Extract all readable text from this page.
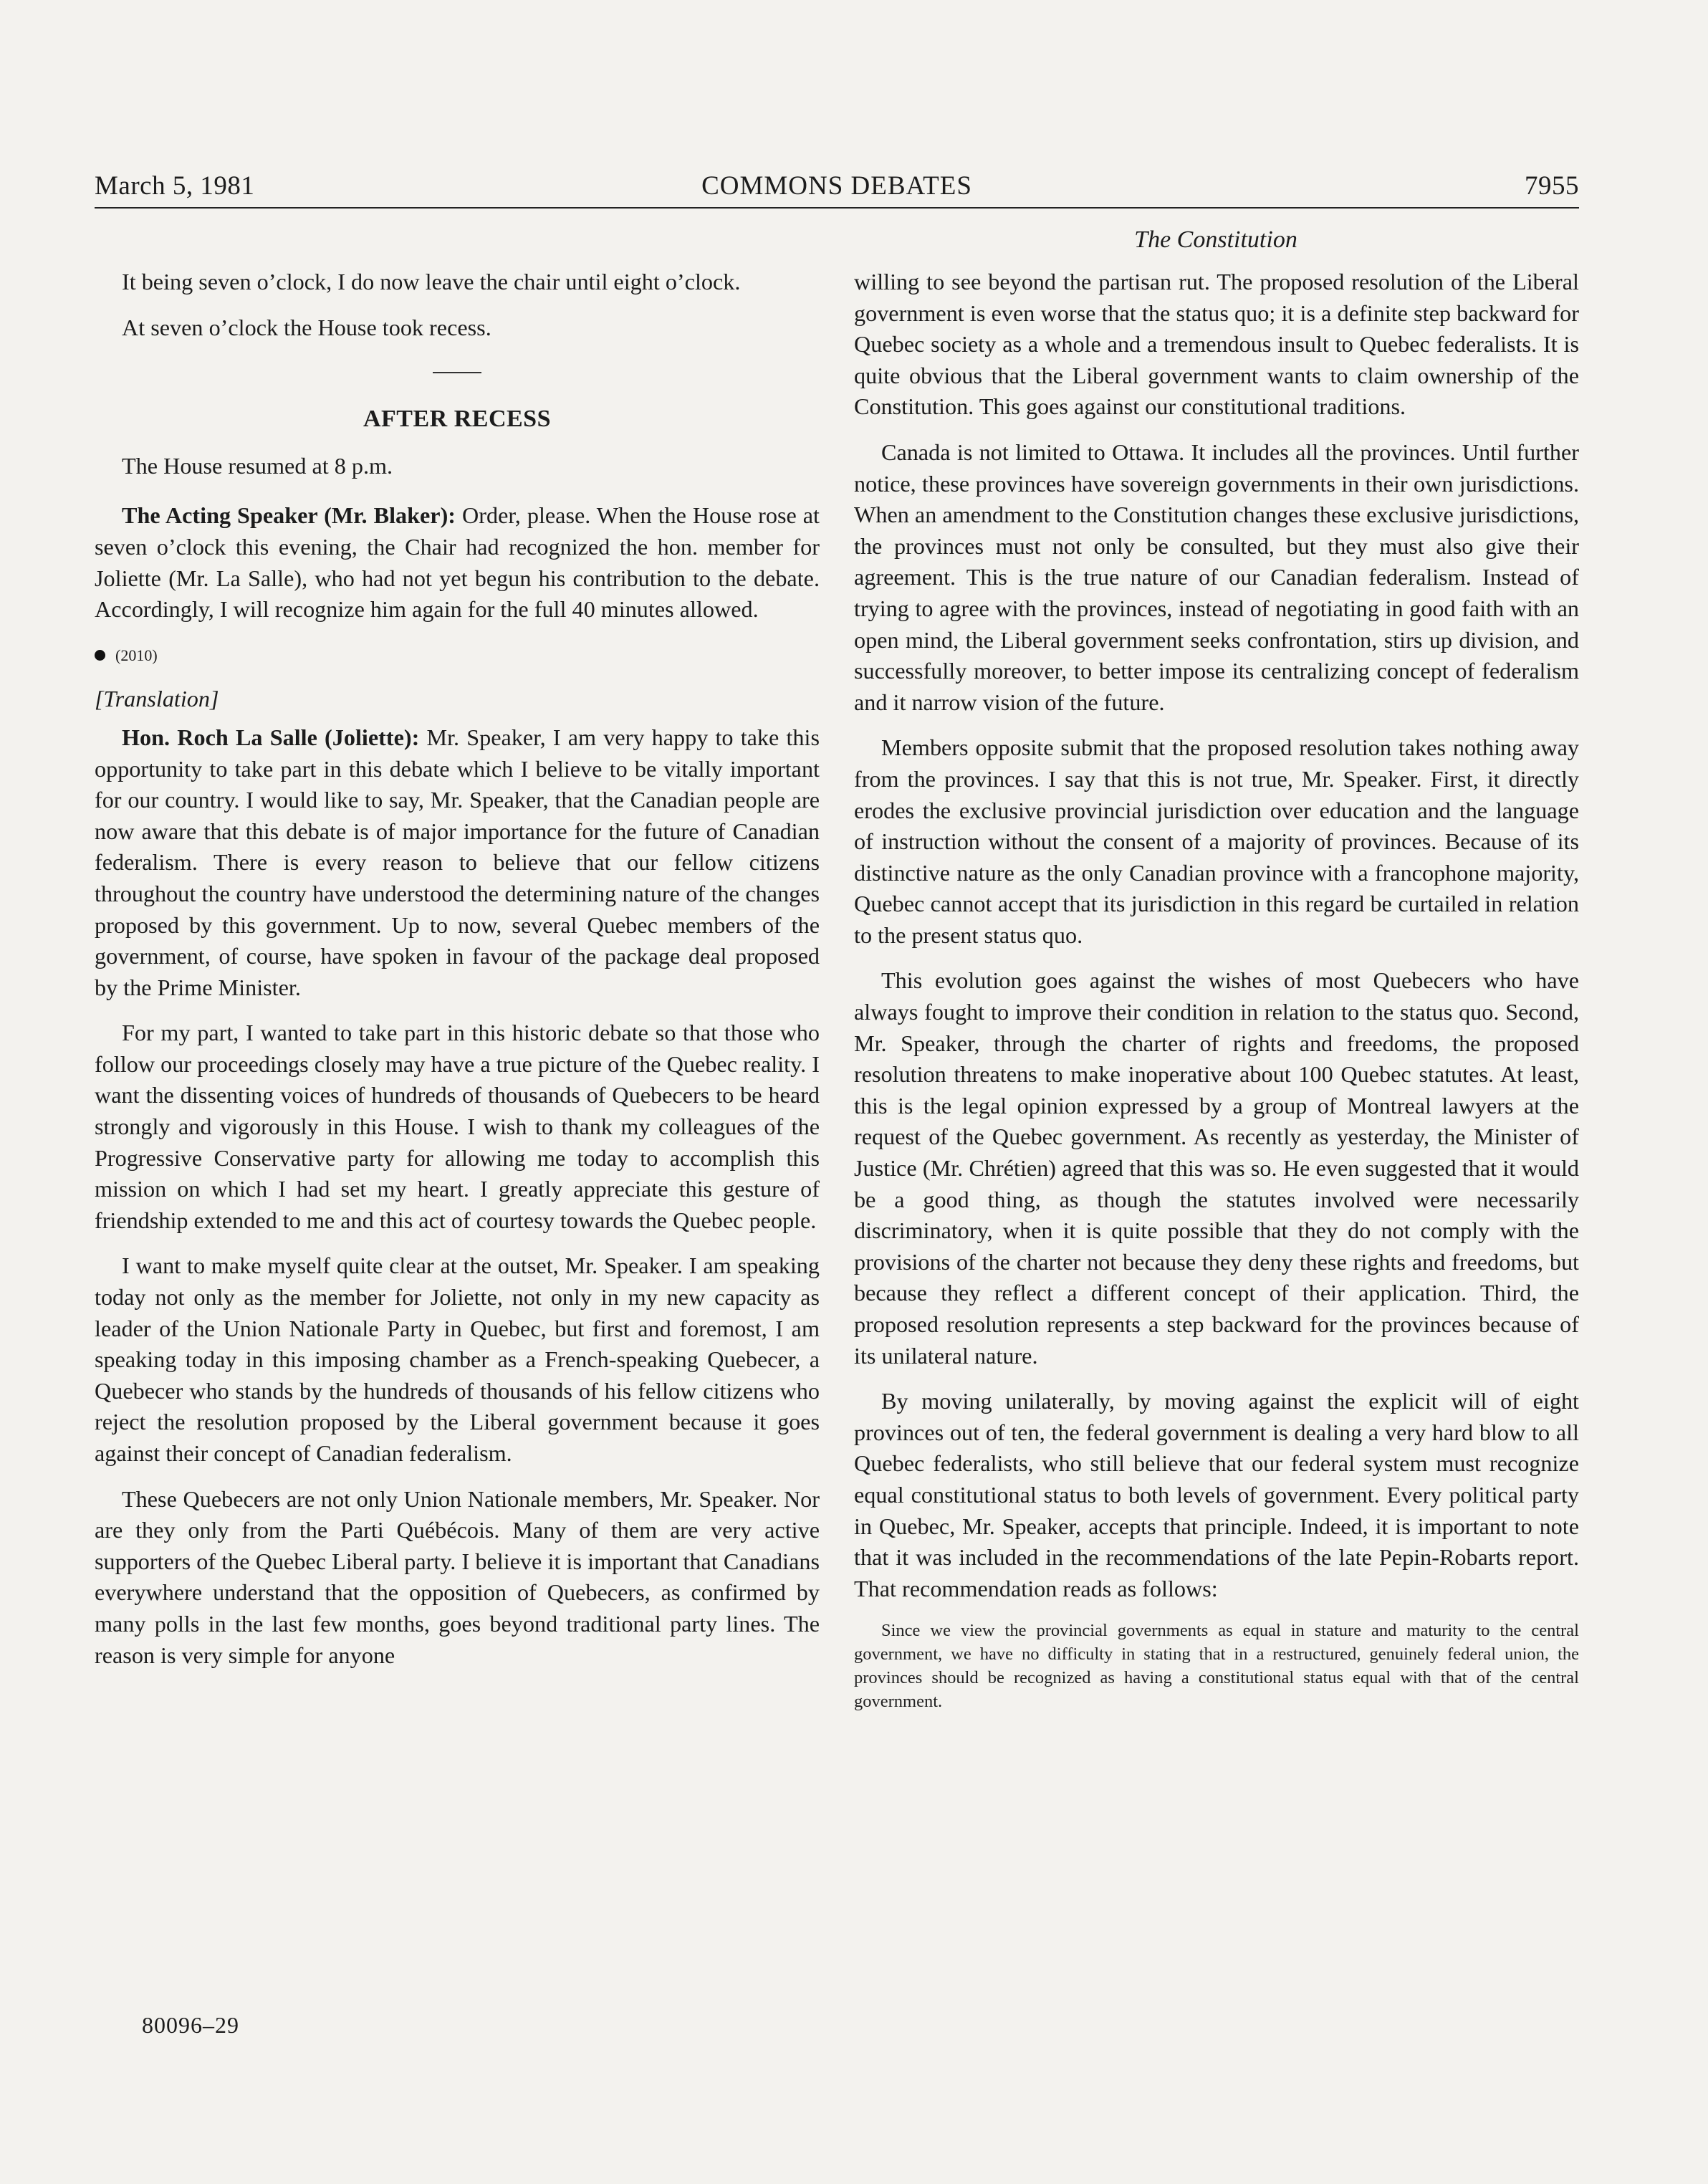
March 5, 1981	COMMONS DEBATES	7955
The Constitution

It being seven o’clock, I do now leave the chair until eight o’clock.

At seven o’clock the House took recess.

AFTER RECESS

The House resumed at 8 p.m.

The Acting Speaker (Mr. Blaker): Order, please. When the House rose at seven o’clock this evening, the Chair had recognized the hon. member for Joliette (Mr. La Salle), who had not yet begun his contribution to the debate. Accordingly, I will recognize him again for the full 40 minutes allowed.

(2010)
[Translation]

Hon. Roch La Salle (Joliette): Mr. Speaker, I am very happy to take this opportunity to take part in this debate which I believe to be vitally important for our country. I would like to say, Mr. Speaker, that the Canadian people are now aware that this debate is of major importance for the future of Canadian federalism. There is every reason to believe that our fellow citizens throughout the country have understood the determining nature of the changes proposed by this government. Up to now, several Quebec members of the government, of course, have spoken in favour of the package deal proposed by the Prime Minister.

For my part, I wanted to take part in this historic debate so that those who follow our proceedings closely may have a true picture of the Quebec reality. I want the dissenting voices of hundreds of thousands of Quebecers to be heard strongly and vigorously in this House. I wish to thank my colleagues of the Progressive Conservative party for allowing me today to accomplish this mission on which I had set my heart. I greatly appreciate this gesture of friendship extended to me and this act of courtesy towards the Quebec people.

I want to make myself quite clear at the outset, Mr. Speaker. I am speaking today not only as the member for Joliette, not only in my new capacity as leader of the Union Nationale Party in Quebec, but first and foremost, I am speaking today in this imposing chamber as a French-speaking Quebecer, a Quebecer who stands by the hundreds of thousands of his fellow citizens who reject the resolution proposed by the Liberal government because it goes against their concept of Canadian federalism.

These Quebecers are not only Union Nationale members, Mr. Speaker. Nor are they only from the Parti Québécois. Many of them are very active supporters of the Quebec Liberal party. I believe it is important that Canadians everywhere understand that the opposition of Quebecers, as confirmed by many polls in the last few months, goes beyond traditional party lines. The reason is very simple for anyone

willing to see beyond the partisan rut. The proposed resolution of the Liberal government is even worse that the status quo; it is a definite step backward for Quebec society as a whole and a tremendous insult to Quebec federalists. It is quite obvious that the Liberal government wants to claim ownership of the Constitution. This goes against our constitutional traditions.

Canada is not limited to Ottawa. It includes all the provinces. Until further notice, these provinces have sovereign governments in their own jurisdictions. When an amendment to the Constitution changes these exclusive jurisdictions, the provinces must not only be consulted, but they must also give their agreement. This is the true nature of our Canadian federalism. Instead of trying to agree with the provinces, instead of negotiating in good faith with an open mind, the Liberal government seeks confrontation, stirs up division, and successfully moreover, to better impose its centralizing concept of federalism and it narrow vision of the future.

Members opposite submit that the proposed resolution takes nothing away from the provinces. I say that this is not true, Mr. Speaker. First, it directly erodes the exclusive provincial jurisdiction over education and the language of instruction without the consent of a majority of provinces. Because of its distinctive nature as the only Canadian province with a francophone majority, Quebec cannot accept that its jurisdiction in this regard be curtailed in relation to the present status quo.

This evolution goes against the wishes of most Quebecers who have always fought to improve their condition in relation to the status quo. Second, Mr. Speaker, through the charter of rights and freedoms, the proposed resolution threatens to make inoperative about 100 Quebec statutes. At least, this is the legal opinion expressed by a group of Montreal lawyers at the request of the Quebec government. As recently as yesterday, the Minister of Justice (Mr. Chrétien) agreed that this was so. He even suggested that it would be a good thing, as though the statutes involved were necessarily discriminatory, when it is quite possible that they do not comply with the provisions of the charter not because they deny these rights and freedoms, but because they reflect a different concept of their application. Third, the proposed resolution represents a step backward for the provinces because of its unilateral nature.

By moving unilaterally, by moving against the explicit will of eight provinces out of ten, the federal government is dealing a very hard blow to all Quebec federalists, who still believe that our federal system must recognize equal constitutional status to both levels of government. Every political party in Quebec, Mr. Speaker, accepts that principle. Indeed, it is important to note that it was included in the recommendations of the late Pepin-Robarts report. That recommendation reads as follows:

Since we view the provincial governments as equal in stature and maturity to the central government, we have no difficulty in stating that in a restructured, genuinely federal union, the provinces should be recognized as having a constitutional status equal with that of the central government.
80096–29
